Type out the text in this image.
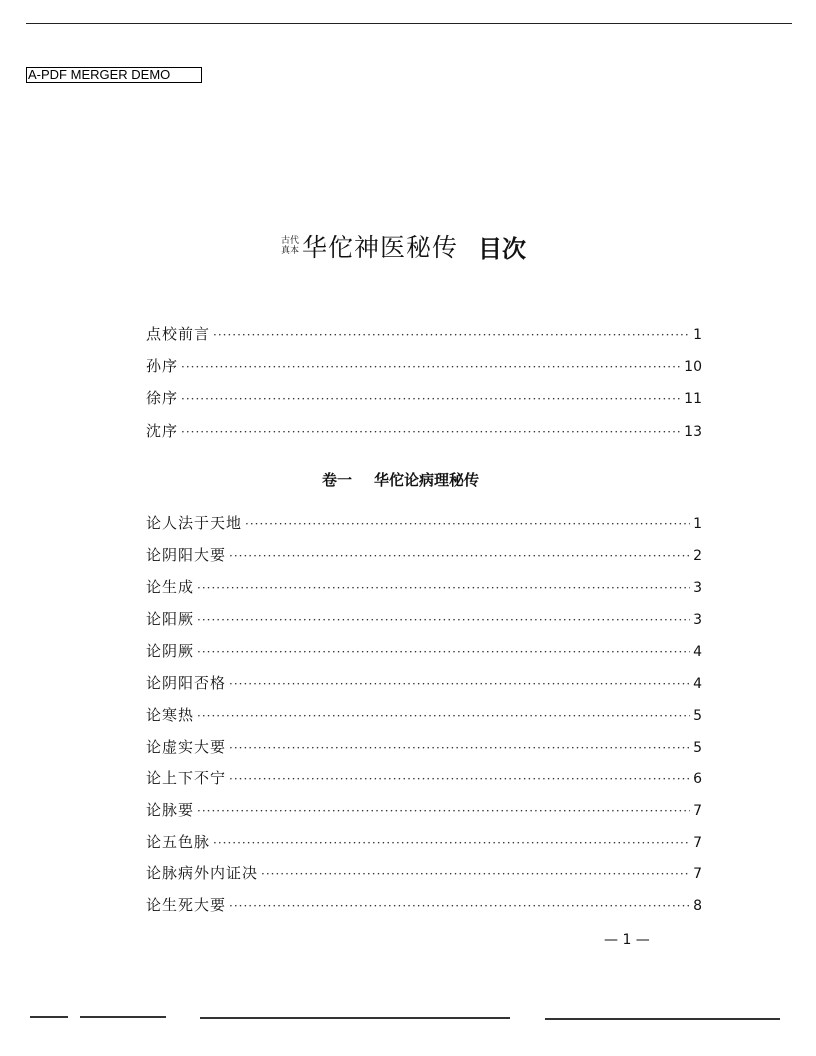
A-PDF MERGER DEMO
古代
真本 华佗神医秘传 目次
点校前言 ·····	1
孙序 ·····	10
徐序 ·····	11
沈序 ·····	13
卷一 华佗论病理秘传
论人法于天地 ·····	1
论阴阳大要 ·····	2
论生成 ·····	3
论阳厥 ·····	3
论阴厥 ·····	4
论阴阳否格 ·····	4
论寒热 ·····	5
论虚实大要 ·····	5
论上下不宁 ·····	6
论脉要 ·····	7
论五色脉 ·····	7
论脉病外内证决 ·····	7
论生死大要 ·····	8
— 1 —
